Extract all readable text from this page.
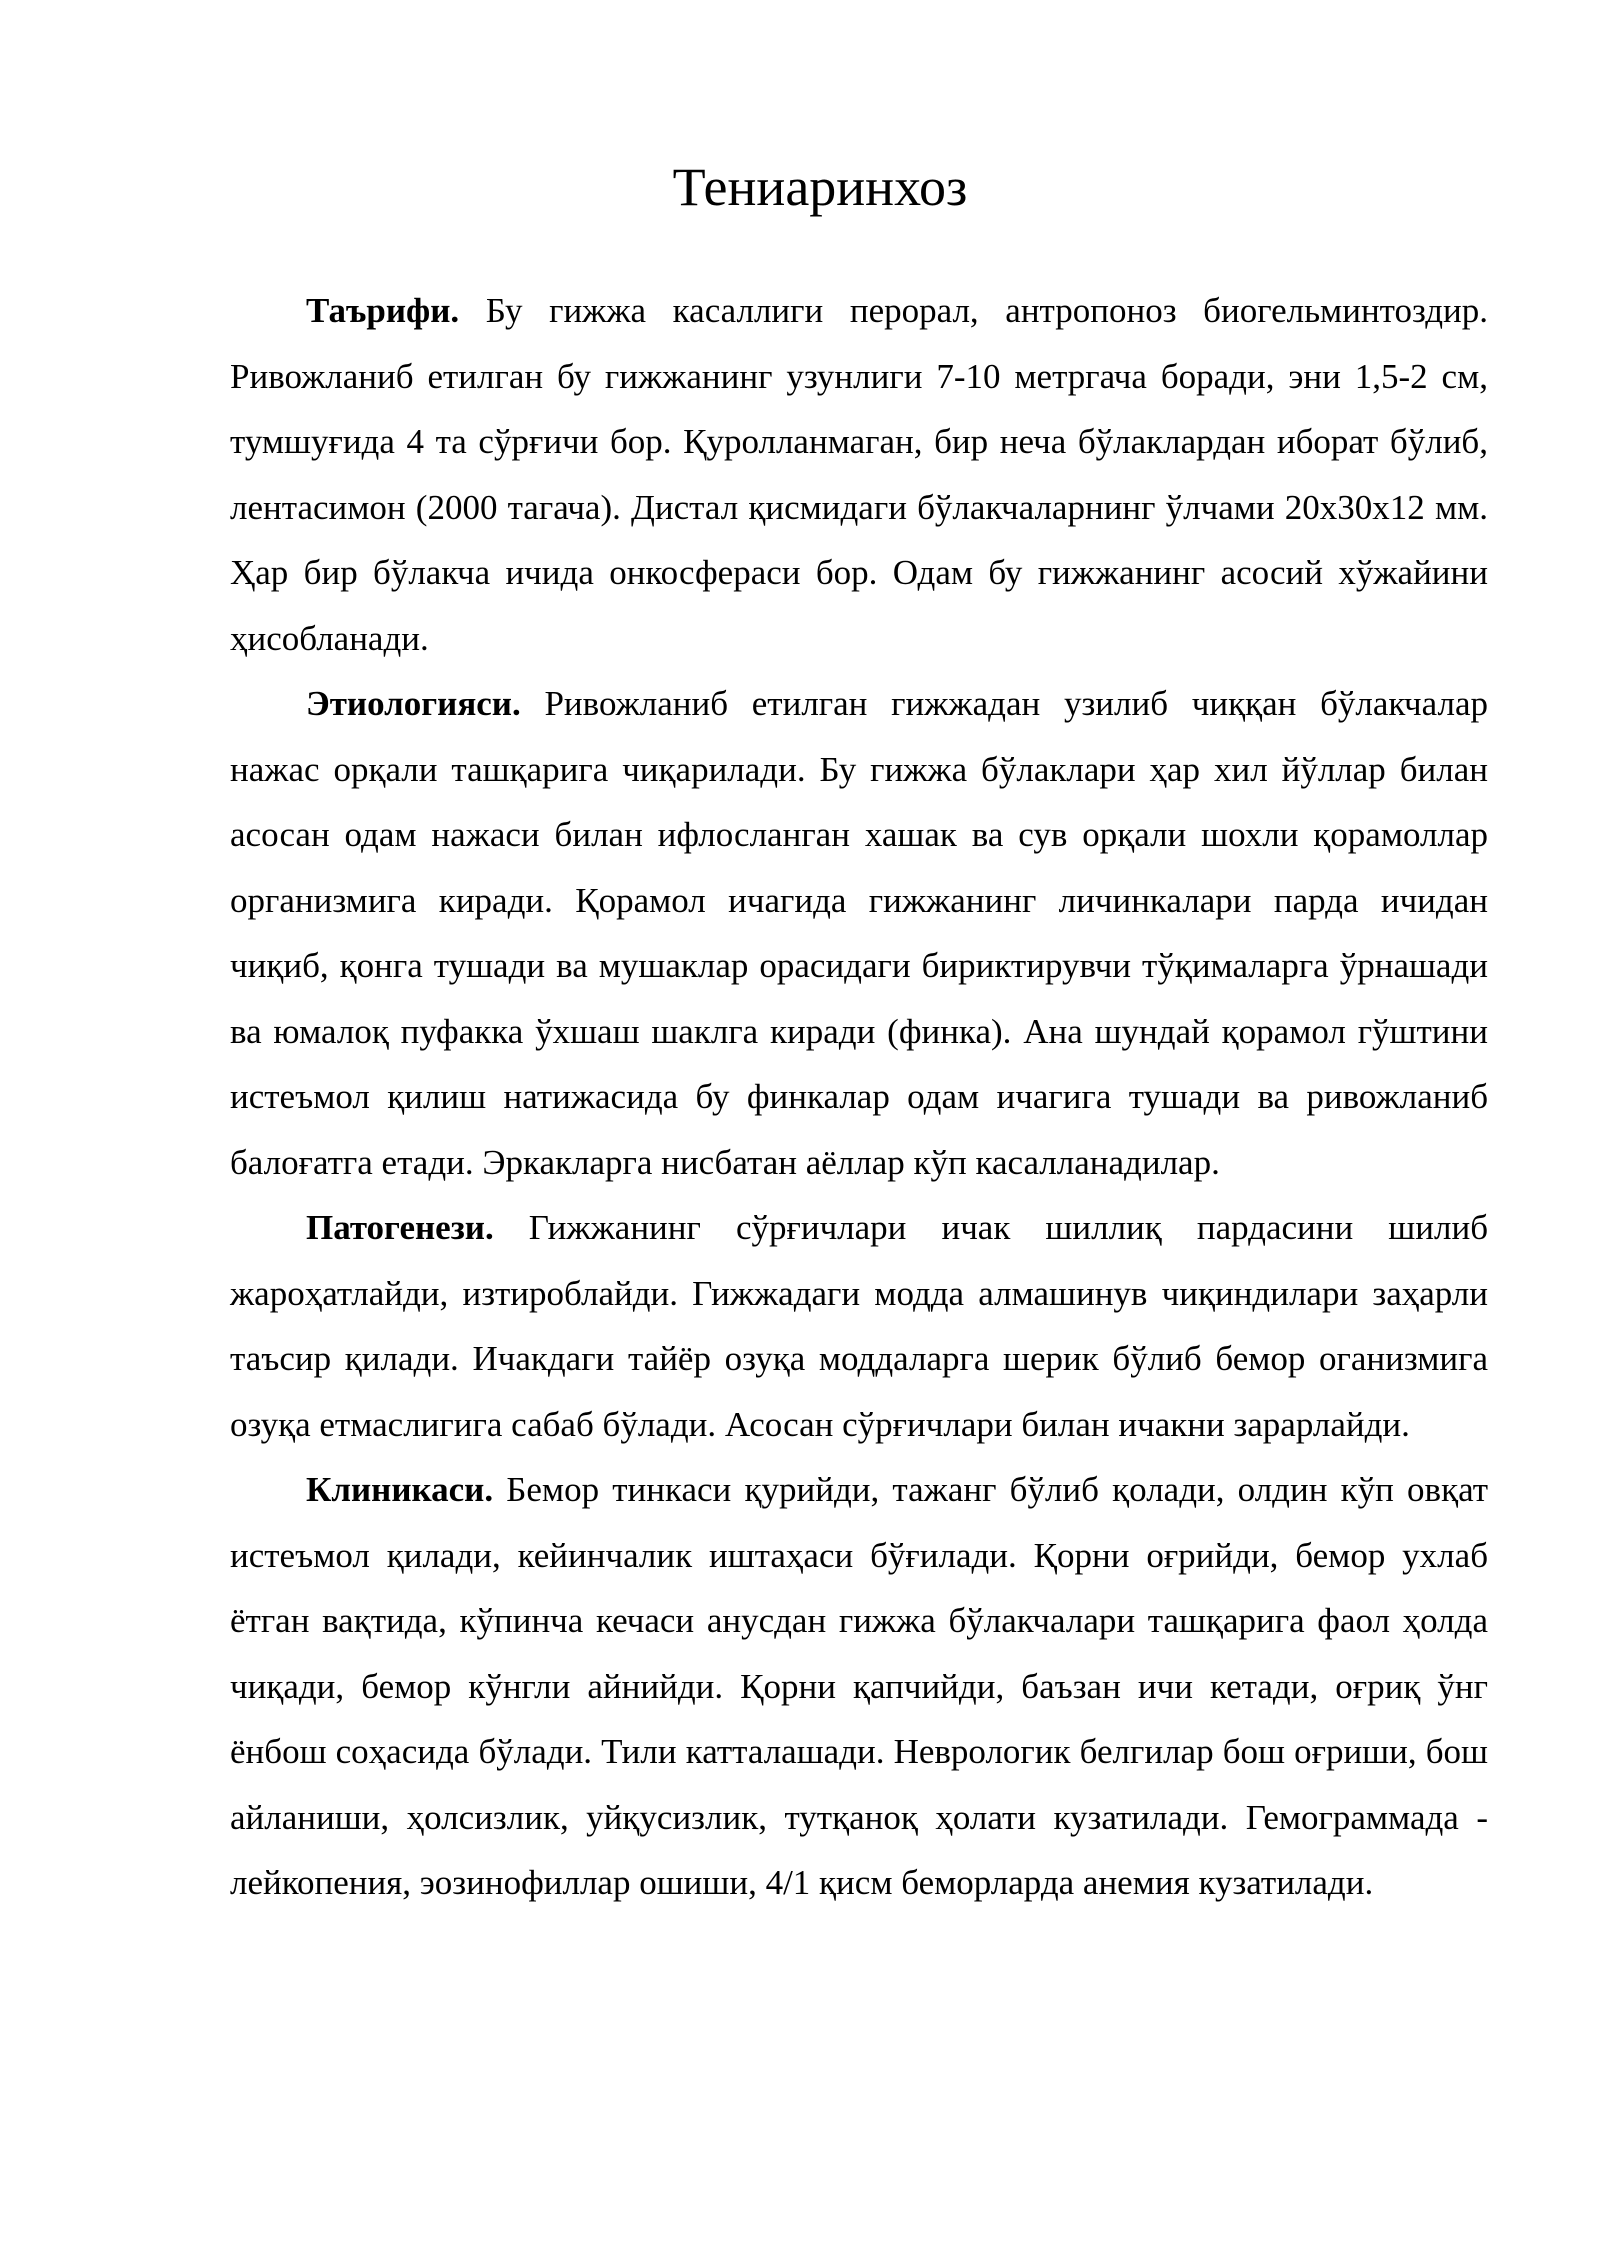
Тениаринхоз

Таърифи. Бу гижжа касаллиги перорал, антропоноз биогельминтоздир. Ривожланиб етилган бу гижжанинг узунлиги 7-10 метргача боради, эни 1,5-2 см, тумшуғида 4 та сўрғичи бор. Қуролланмаган, бир неча бўлаклардан иборат бўлиб, лентасимон (2000 тагача). Дистал қисмидаги бўлакчаларнинг ўлчами 20х30х12 мм. Ҳар бир бўлакча ичида онкосфераси бор. Одам бу гижжанинг асосий хўжайини ҳисобланади.

Этиологияси. Ривожланиб етилган гижжадан узилиб чиққан бўлакчалар нажас орқали ташқарига чиқарилади. Бу гижжа бўлаклари ҳар хил йўллар билан асосан одам нажаси билан ифлосланган хашак ва сув орқали шохли қорамоллар организмига киради. Қорамол ичагида гижжанинг личинкалари парда ичидан чиқиб, қонга тушади ва мушаклар орасидаги бириктирувчи тўқималарга ўрнашади ва юмалоқ пуфакка ўхшаш шаклга киради (финка). Ана шундай қорамол гўштини истеъмол қилиш натижасида бу финкалар одам ичагига тушади ва ривожланиб балоғатга етади. Эркакларга нисбатан аёллар кўп касалланадилар.

Патогенези. Гижжанинг сўрғичлари ичак шиллиқ пардасини шилиб жароҳатлайди, изтироблайди. Гижжадаги модда алмашинув чиқиндилари заҳарли таъсир қилади. Ичакдаги тайёр озуқа моддаларга шерик бўлиб бемор оганизмига озуқа етмаслигига сабаб бўлади. Асосан сўрғичлари билан ичакни зарарлайди.

Клиникаси. Бемор тинкаси қурийди, тажанг бўлиб қолади, олдин кўп овқат истеъмол қилади, кейинчалик иштаҳаси бўғилади. Қорни оғрийди, бемор ухлаб ётган вақтида, кўпинча кечаси анусдан гижжа бўлакчалари ташқарига фаол ҳолда чиқади, бемор кўнгли айнийди. Қорни қапчийди, баъзан ичи кетади, оғриқ ўнг ёнбош соҳасида бўлади. Тили катталашади. Неврологик белгилар бош оғриши, бош айланиши, ҳолсизлик, уйқусизлик, тутқаноқ ҳолати кузатилади. Гемограммада - лейкопения, эозинофиллар ошиши, 4/1 қисм беморларда анемия кузатилади.
